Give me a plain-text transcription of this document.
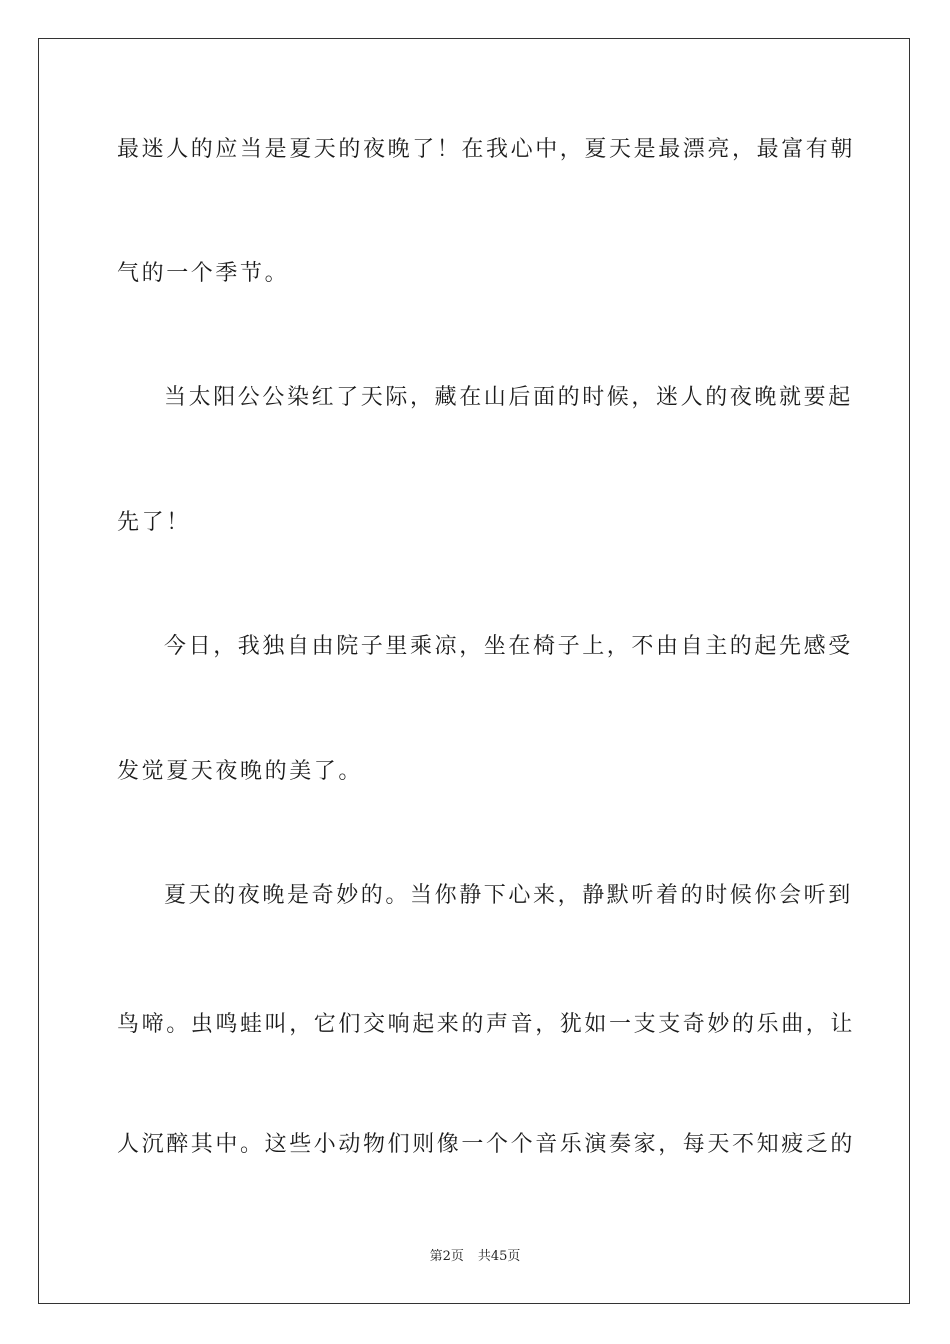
最迷人的应当是夏天的夜晚了！在我心中，夏天是最漂亮，最富有朝
气的一个季节。
当太阳公公染红了天际，藏在山后面的时候，迷人的夜晚就要起
先了！
今日，我独自由院子里乘凉，坐在椅子上，不由自主的起先感受
发觉夏天夜晚的美了。
夏天的夜晚是奇妙的。当你静下心来，静默听着的时候你会听到
鸟啼。虫鸣蛙叫，它们交响起来的声音，犹如一支支奇妙的乐曲，让
人沉醉其中。这些小动物们则像一个个音乐演奏家，每天不知疲乏的
第2页 共45页
